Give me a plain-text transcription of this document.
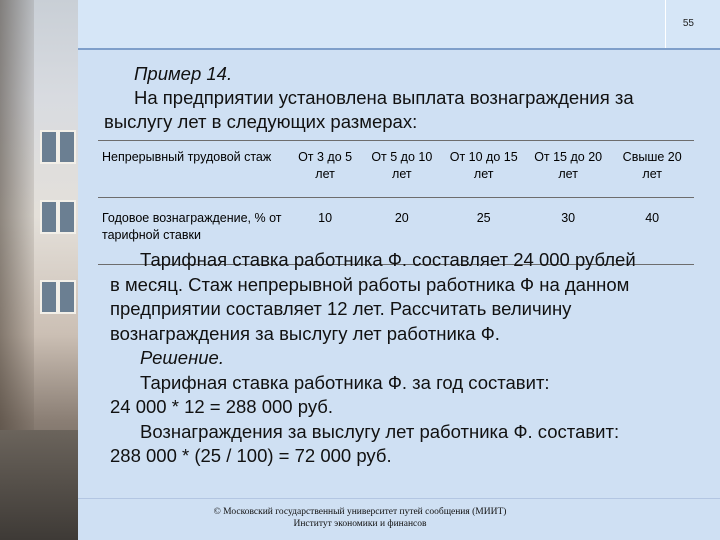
55
Пример 14.
На предприятии установлена выплата вознаграждения за
выслугу лет в следующих размерах:
Непрерывный трудовой стаж	От 3 до 5 лет	От 5 до 10 лет	От 10 до 15 лет	От 15 до 20 лет	Свыше 20 лет
Годовое вознаграждение, % от тарифной ставки	10	20	25	30	40
Тарифная ставка работника Ф. составляет 24 000 рублей
в месяц. Стаж непрерывной работы работника Ф на данном
предприятии составляет 12 лет. Рассчитать величину
вознаграждения за выслугу лет работника Ф.
Решение.
Тарифная ставка работника Ф. за год составит:
24 000 * 12 = 288 000 руб.
Вознаграждения за выслугу лет работника Ф. составит:
288 000 * (25 / 100) = 72 000 руб.
© Московский государственный университет путей сообщения (МИИТ)
Институт экономики и финансов
